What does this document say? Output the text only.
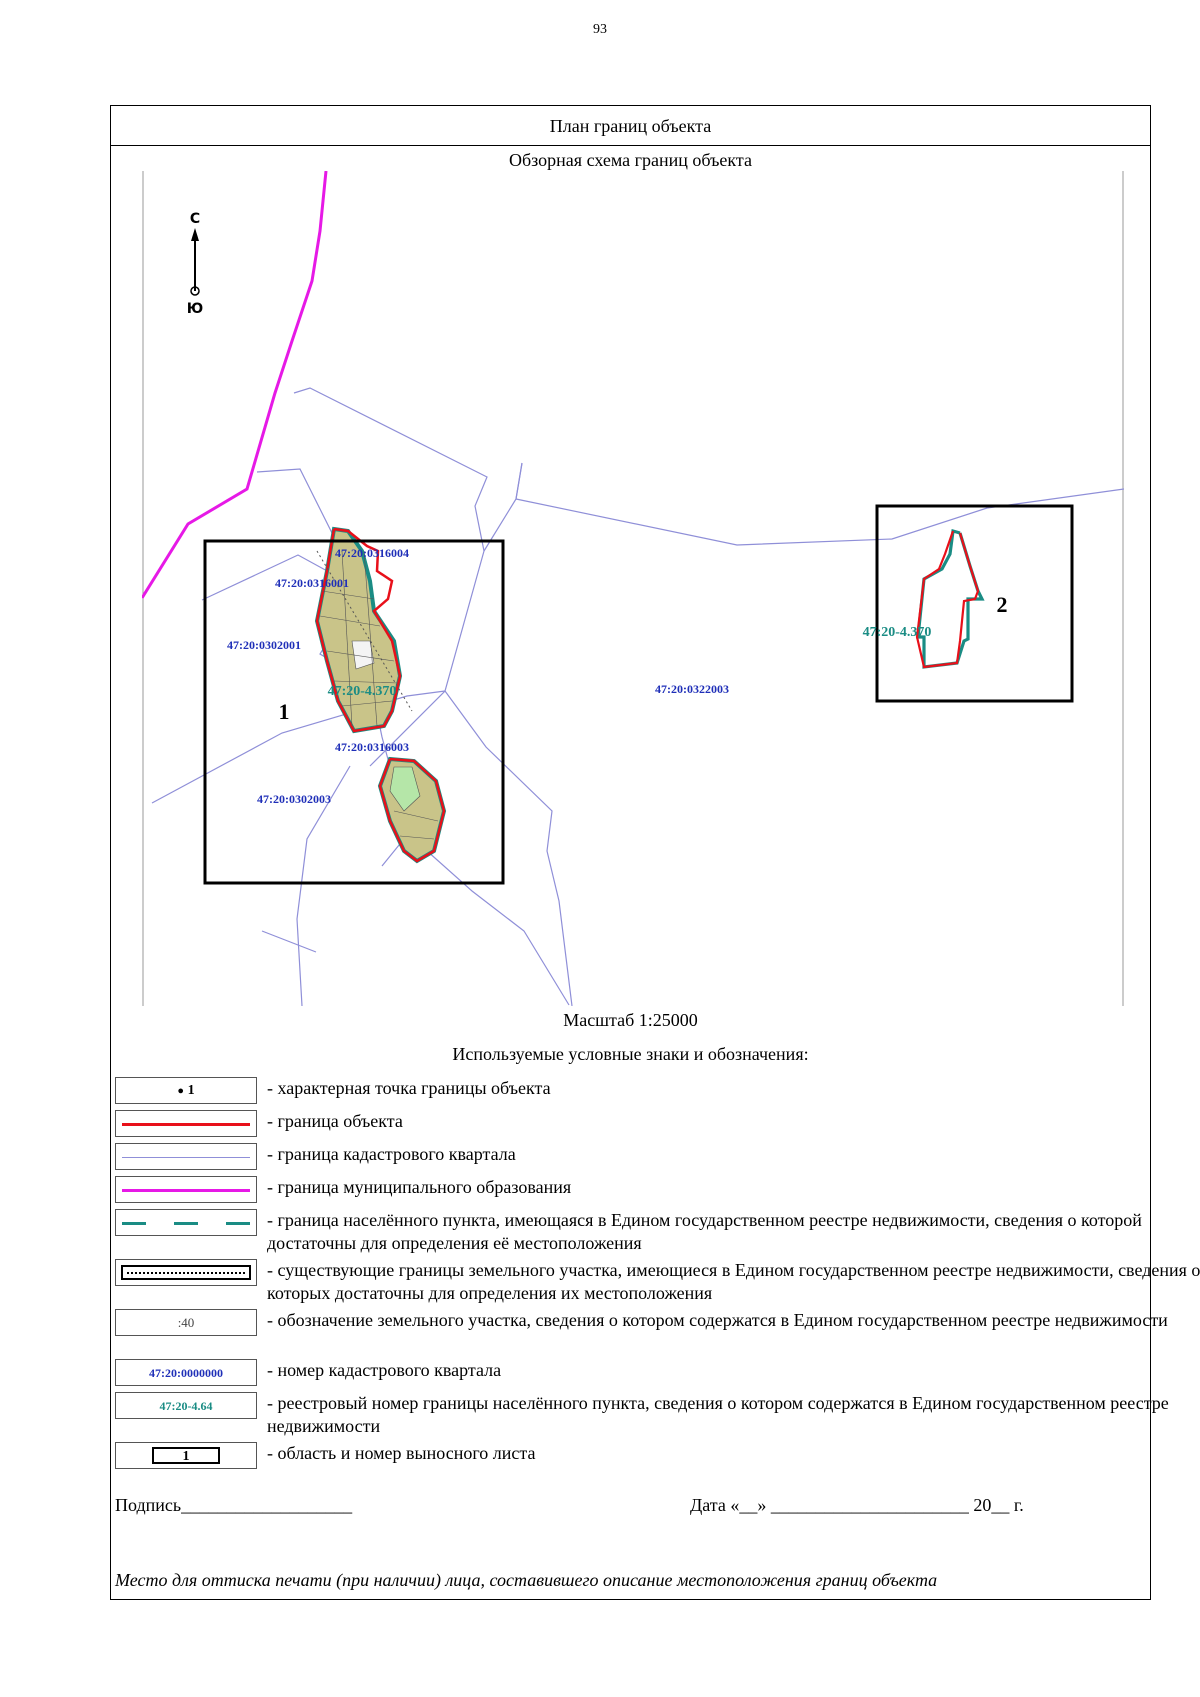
93
План границ объекта
Обзорная схема границ объекта
С
Ю
47:20:0316004
47:20:0316001
47:20:0302001
47:20:0316003
47:20:0302003
47:20:0322003
47:20-4.370
47:20-4.370
1
2
Масштаб 1:25000
Используемые условные знаки и обозначения:
● 1	- характерная точка границы объекта
- граница объекта
- граница кадастрового квартала
- граница муниципального образования
- граница населённого пункта, имеющаяся в Едином государственном реестре недвижимости, сведения о которой достаточны для определения её местоположения
- существующие границы земельного участка, имеющиеся в Едином государственном реестре недвижимости, сведения о которых достаточны для определения их местоположения
:40	- обозначение земельного участка, сведения о котором содержатся в Едином государственном реестре недвижимости
47:20:0000000	- номер кадастрового квартала
47:20-4.64	- реестровый номер границы населённого пункта, сведения о котором содержатся в Едином государственном реестре недвижимости
1	- область и номер выносного листа
Подпись___________________	Дата «__» ______________________ 20__ г.
Место для оттиска печати (при наличии) лица, составившего описание местоположения границ объекта
